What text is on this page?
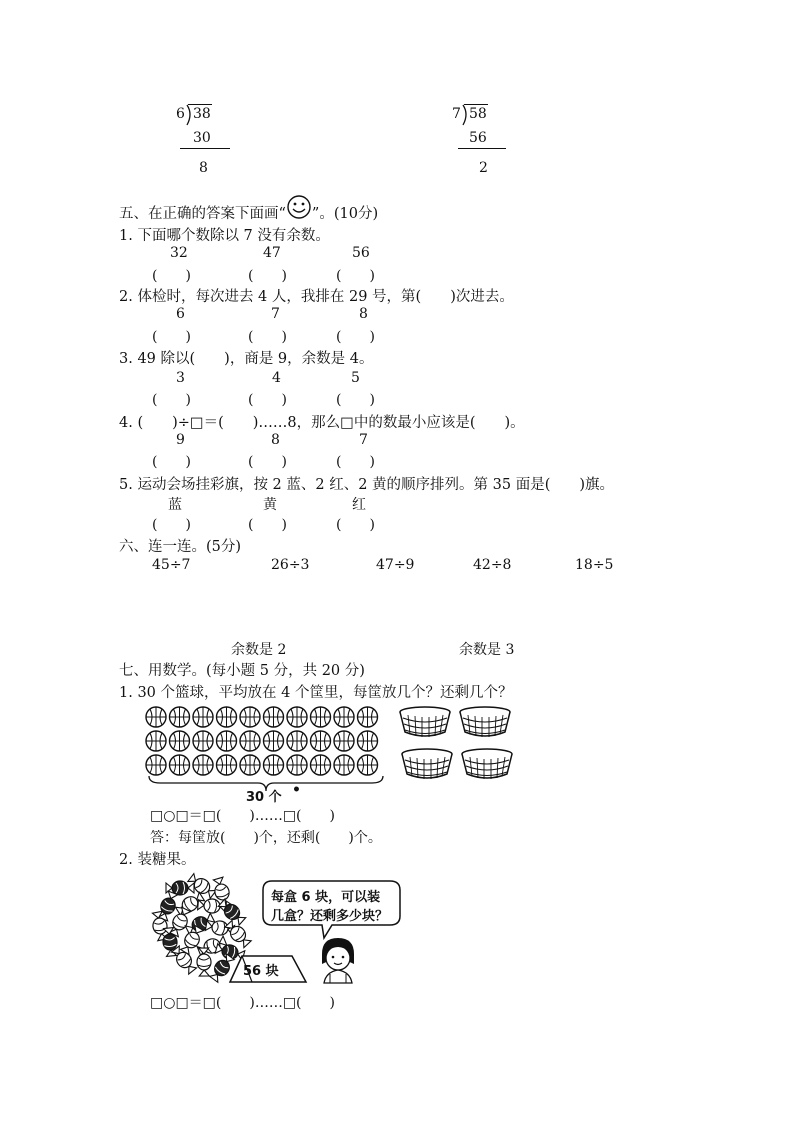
6 38
30
8
7 58
56
2
五、在正确的答案下面画“ ”。(10分)
1. 下面哪个数除以 7 没有余数。
32	47	56
(　　)	(　　)	(　　)
2. 体检时，每次进去 4 人，我排在 29 号，第(　　)次进去。
6	7	8
(　　)	(　　)	(　　)
3. 49 除以(　　)，商是 9，余数是 4。
3	4	5
(　　)	(　　)	(　　)
4. (　　)÷□＝(　　)……8，那么□中的数最小应该是(　　)。
9	8	7
(　　)	(　　)	(　　)
5. 运动会场挂彩旗，按 2 蓝、2 红、2 黄的顺序排列。第 35 面是(　　)旗。
蓝	黄	红
(　　)	(　　)	(　　)
六、连一连。(5分)
45÷7	26÷3	47÷9	42÷8	18÷5
余数是 2	余数是 3
七、用数学。(每小题 5 分，共 20 分)
1. 30 个篮球，平均放在 4 个筐里，每筐放几个？还剩几个？
30 个 •
□○□＝□(　　)……□(　　)
答：每筐放(　　)个，还剩(　　)个。
2. 装糖果。
每盒 6 块，可以装
几盒？还剩多少块？
56 块
□○□＝□(　　)……□(　　)
